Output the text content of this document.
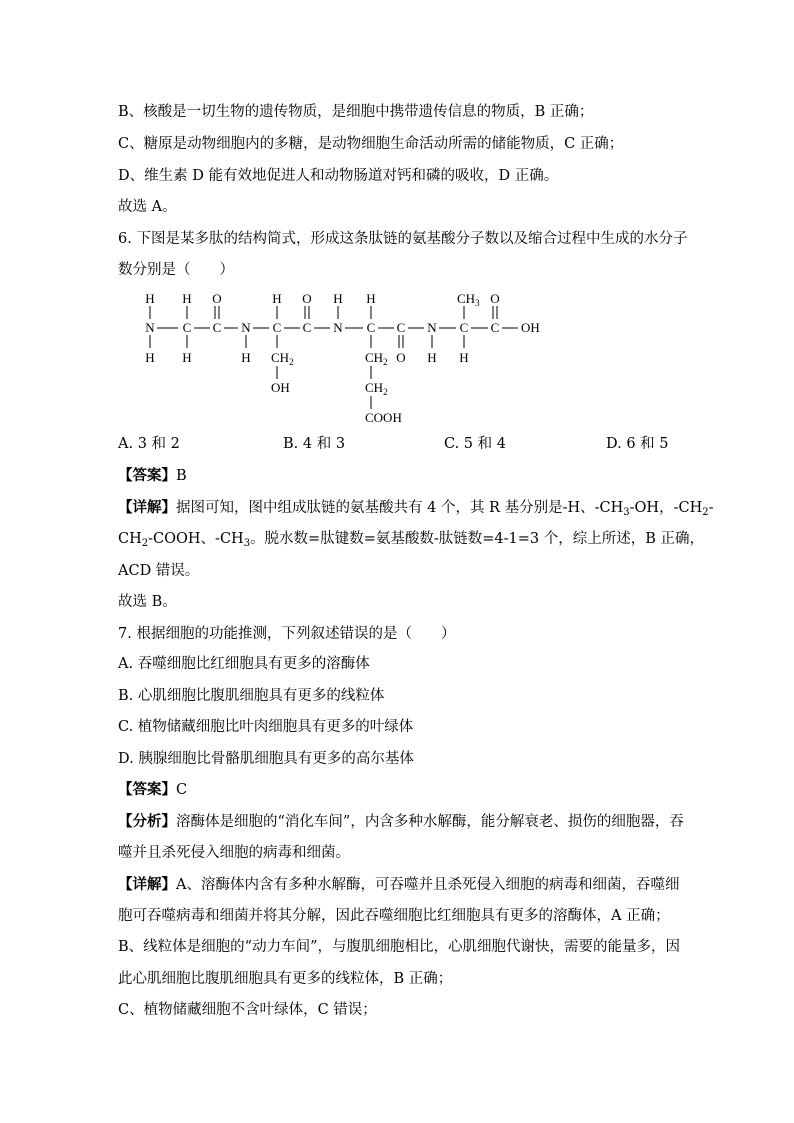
B、核酸是一切生物的遗传物质，是细胞中携带遗传信息的物质，B 正确；
C、糖原是动物细胞内的多糖，是动物细胞生命活动所需的储能物质，C 正确；
D、维生素 D 能有效地促进人和动物肠道对钙和磷的吸收，D 正确。
故选 A。
6. 下图是某多肽的结构简式，形成这条肽链的氨基酸分子数以及缩合过程中生成的水分子
数分别是（　　）
H
N
H
H
C
H
O
C N
H
H
C
$CH_2$
OH
O
C
H
N
H
C
$CH_2$
$CH_2$
COOH
C
O
N
H
$CH_3$
C
H
O
C OH
A. 3 和 2	B. 4 和 3	C. 5 和 4	D. 6 和 5
【答案】B
【详解】据图可知，图中组成肽链的氨基酸共有 4 个，其 R 基分别是-H、$-CH_3-OH$，$-CH_2-$
$CH_2$-COOH、$-CH_3$。脱水数=肽键数=氨基酸数-肽链数=4-1=3 个，综上所述，B 正确，
ACD 错误。
故选 B。
7. 根据细胞的功能推测，下列叙述错误的是（　　）
A. 吞噬细胞比红细胞具有更多的溶酶体
B. 心肌细胞比腹肌细胞具有更多的线粒体
C. 植物储藏细胞比叶肉细胞具有更多的叶绿体
D. 胰腺细胞比骨骼肌细胞具有更多的高尔基体
【答案】C
【分析】溶酶体是细胞的“消化车间”，内含多种水解酶，能分解衰老、损伤的细胞器，吞
噬并且杀死侵入细胞的病毒和细菌。
【详解】A、溶酶体内含有多种水解酶，可吞噬并且杀死侵入细胞的病毒和细菌，吞噬细
胞可吞噬病毒和细菌并将其分解，因此吞噬细胞比红细胞具有更多的溶酶体，A 正确；
B、线粒体是细胞的“动力车间”，与腹肌细胞相比，心肌细胞代谢快，需要的能量多，因
此心肌细胞比腹肌细胞具有更多的线粒体，B 正确；
C、植物储藏细胞不含叶绿体，C 错误；
